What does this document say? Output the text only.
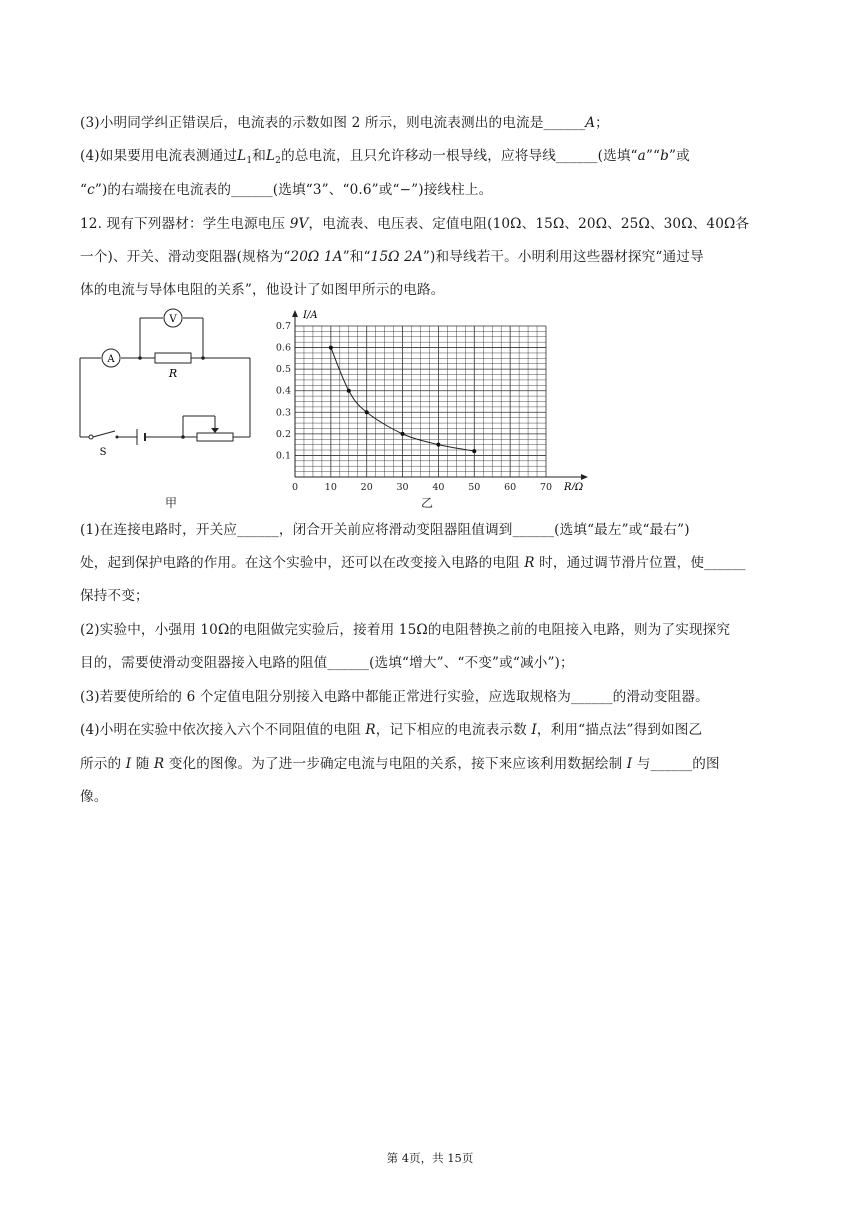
(3)小明同学纠正错误后，电流表的示数如图 2 所示，则电流表测出的电流是______A；
(4)如果要用电流表测通过$L_1$和$L_2$的总电流，且只允许移动一根导线，应将导线______(选填“a”“b”或
“c”)的右端接在电流表的______(选填“3”、“0.6”或“−”)接线柱上。
12. 现有下列器材：学生电源电压 9V，电流表、电压表、定值电阻(10Ω、15Ω、20Ω、25Ω、30Ω、40Ω各
一个)、开关、滑动变阻器(规格为“20Ω 1A”和“15Ω 2A”)和导线若干。小明利用这些器材探究“通过导
体的电流与导体电阻的关系”，他设计了如图甲所示的电路。
A
V
R
S
甲
0	10	20	30	40	50	60	70
0.1
0.2
0.3
0.4
0.5
0.6
0.7
R/Ω
I/A
乙
(1)在连接电路时，开关应______，闭合开关前应将滑动变阻器阻值调到______(选填“最左”或“最右”)
处，起到保护电路的作用。在这个实验中，还可以在改变接入电路的电阻 R 时，通过调节滑片位置，使______
保持不变；
(2)实验中，小强用 10Ω的电阻做完实验后，接着用 15Ω的电阻替换之前的电阻接入电路，则为了实现探究
目的，需要使滑动变阻器接入电路的阻值______(选填“增大”、“不变”或“减小”)；
(3)若要使所给的 6 个定值电阻分别接入电路中都能正常进行实验，应选取规格为______的滑动变阻器。
(4)小明在实验中依次接入六个不同阻值的电阻 R，记下相应的电流表示数 I，利用“描点法”得到如图乙
所示的 I 随 R 变化的图像。为了进一步确定电流与电阻的关系，接下来应该利用数据绘制 I 与______的图
像。
第 4页，共 15页
